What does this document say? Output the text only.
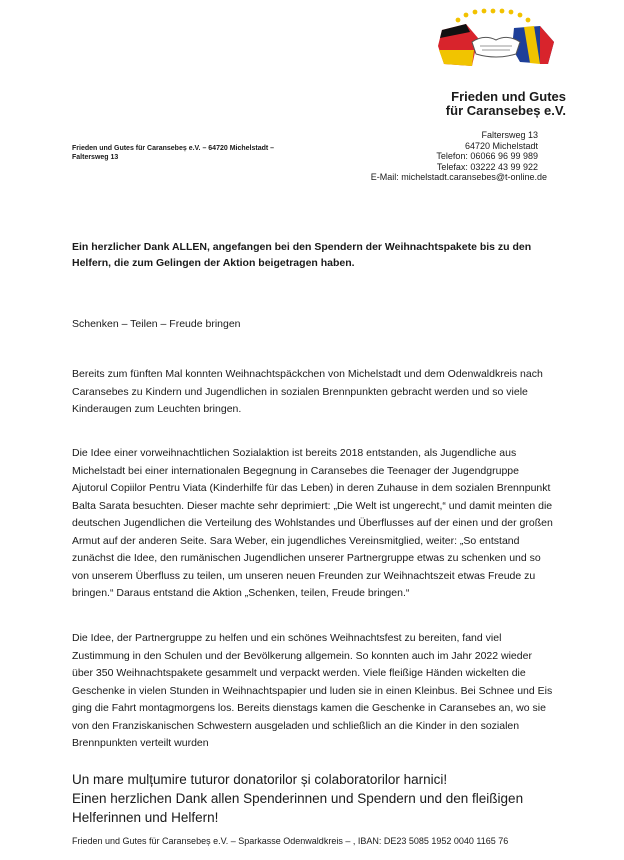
Frieden und Gutes
für Caransebeș e.V.
Frieden und Gutes für Caransebeș e.V. – 64720 Michelstadt – Faltersweg 13
Faltersweg 13
64720 Michelstadt
Telefon: 06066 96 99 989
Telefax: 03222 43 99 922
E-Mail: michelstadt.caransebes@t-online.de
Ein herzlicher Dank ALLEN, angefangen bei den Spendern der Weihnachtspakete bis zu den Helfern, die zum Gelingen der Aktion beigetragen haben.
Schenken – Teilen – Freude bringen
Bereits zum fünften Mal konnten Weihnachtspäckchen von Michelstadt und dem Odenwaldkreis nach Caransebes zu Kindern und Jugendlichen in sozialen Brennpunkten gebracht werden und so viele Kinderaugen zum Leuchten bringen.
Die Idee einer vorweihnachtlichen Sozialaktion ist bereits 2018 entstanden, als Jugendliche aus Michelstadt bei einer internationalen Begegnung in Caransebes die Teenager der Jugendgruppe Ajutorul Copiilor Pentru Viata (Kinderhilfe für das Leben) in deren Zuhause in dem sozialen Brennpunkt Balta Sarata besuchten. Dieser machte sehr deprimiert: „Die Welt ist ungerecht,“ und damit meinten die deutschen Jugendlichen die Verteilung des Wohlstandes und Überflusses auf der einen und der großen Armut auf der anderen Seite. Sara Weber, ein jugendliches Vereinsmitglied, weiter: „So entstand zunächst die Idee, den rumänischen Jugendlichen unserer Partnergruppe etwas zu schenken und so von unserem Überfluss zu teilen, um unseren neuen Freunden zur Weihnachtszeit etwas Freude zu bringen.“ Daraus entstand die Aktion „Schenken, teilen, Freude bringen.“
Die Idee, der Partnergruppe zu helfen und ein schönes Weihnachtsfest zu bereiten, fand viel Zustimmung in den Schulen und der Bevölkerung allgemein. So konnten auch im Jahr 2022 wieder über 350 Weihnachtspakete gesammelt und verpackt werden. Viele fleißige Händen wickelten die Geschenke in vielen Stunden in Weihnachtspapier und luden sie in einen Kleinbus. Bei Schnee und Eis ging die Fahrt montagmorgens los. Bereits dienstags kamen die Geschenke in Caransebes an, wo sie von den Franziskanischen Schwestern ausgeladen und schließlich an die Kinder in den sozialen Brennpunkten verteilt wurden
Un mare mulțumire tuturor donatorilor și colaboratorilor harnici!
Einen herzlichen Dank allen Spenderinnen und Spendern und den fleißigen Helferinnen und Helfern!
Frieden und Gutes für Caransebeș e.V. – Sparkasse Odenwaldkreis – , IBAN: DE23 5085 1952 0040 1165 76
